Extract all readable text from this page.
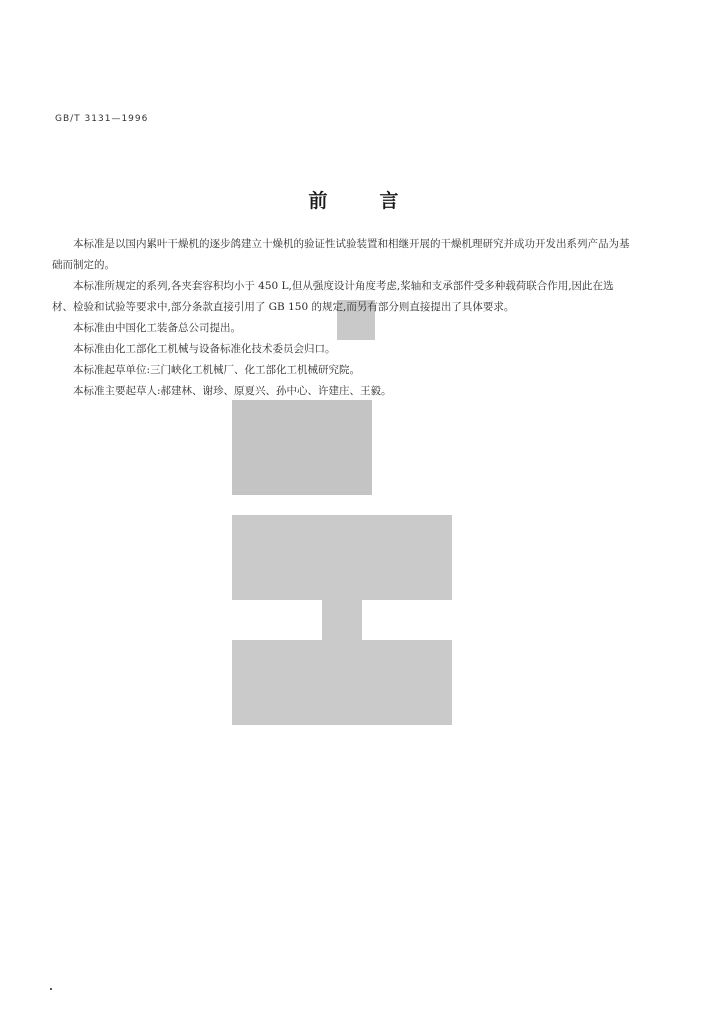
GB/T 3131—1996
前	言

本标准是以国内累叶干燥机的逐步鸽建立十燥机的验证性试验装置和相继开展的干燥机理研究并成功开发出系列产品为基础而制定的。

本标准所规定的系列,各夹套容积均小于 450 L,但从强度设计角度考虑,桨轴和支承部件受多种载荷联合作用,因此在选材、检验和试验等要求中,部分条款直接引用了 GB 150 的规定,而另有部分则直接提出了具体要求。

本标准由中国化工装备总公司提出。

本标准由化工部化工机械与设备标准化技术委员会归口。

本标准起草单位:三门峡化工机械厂、化工部化工机械研究院。

本标准主要起草人:郝建林、谢珍、原夏兴、孙中心、许建庄、王毅。
